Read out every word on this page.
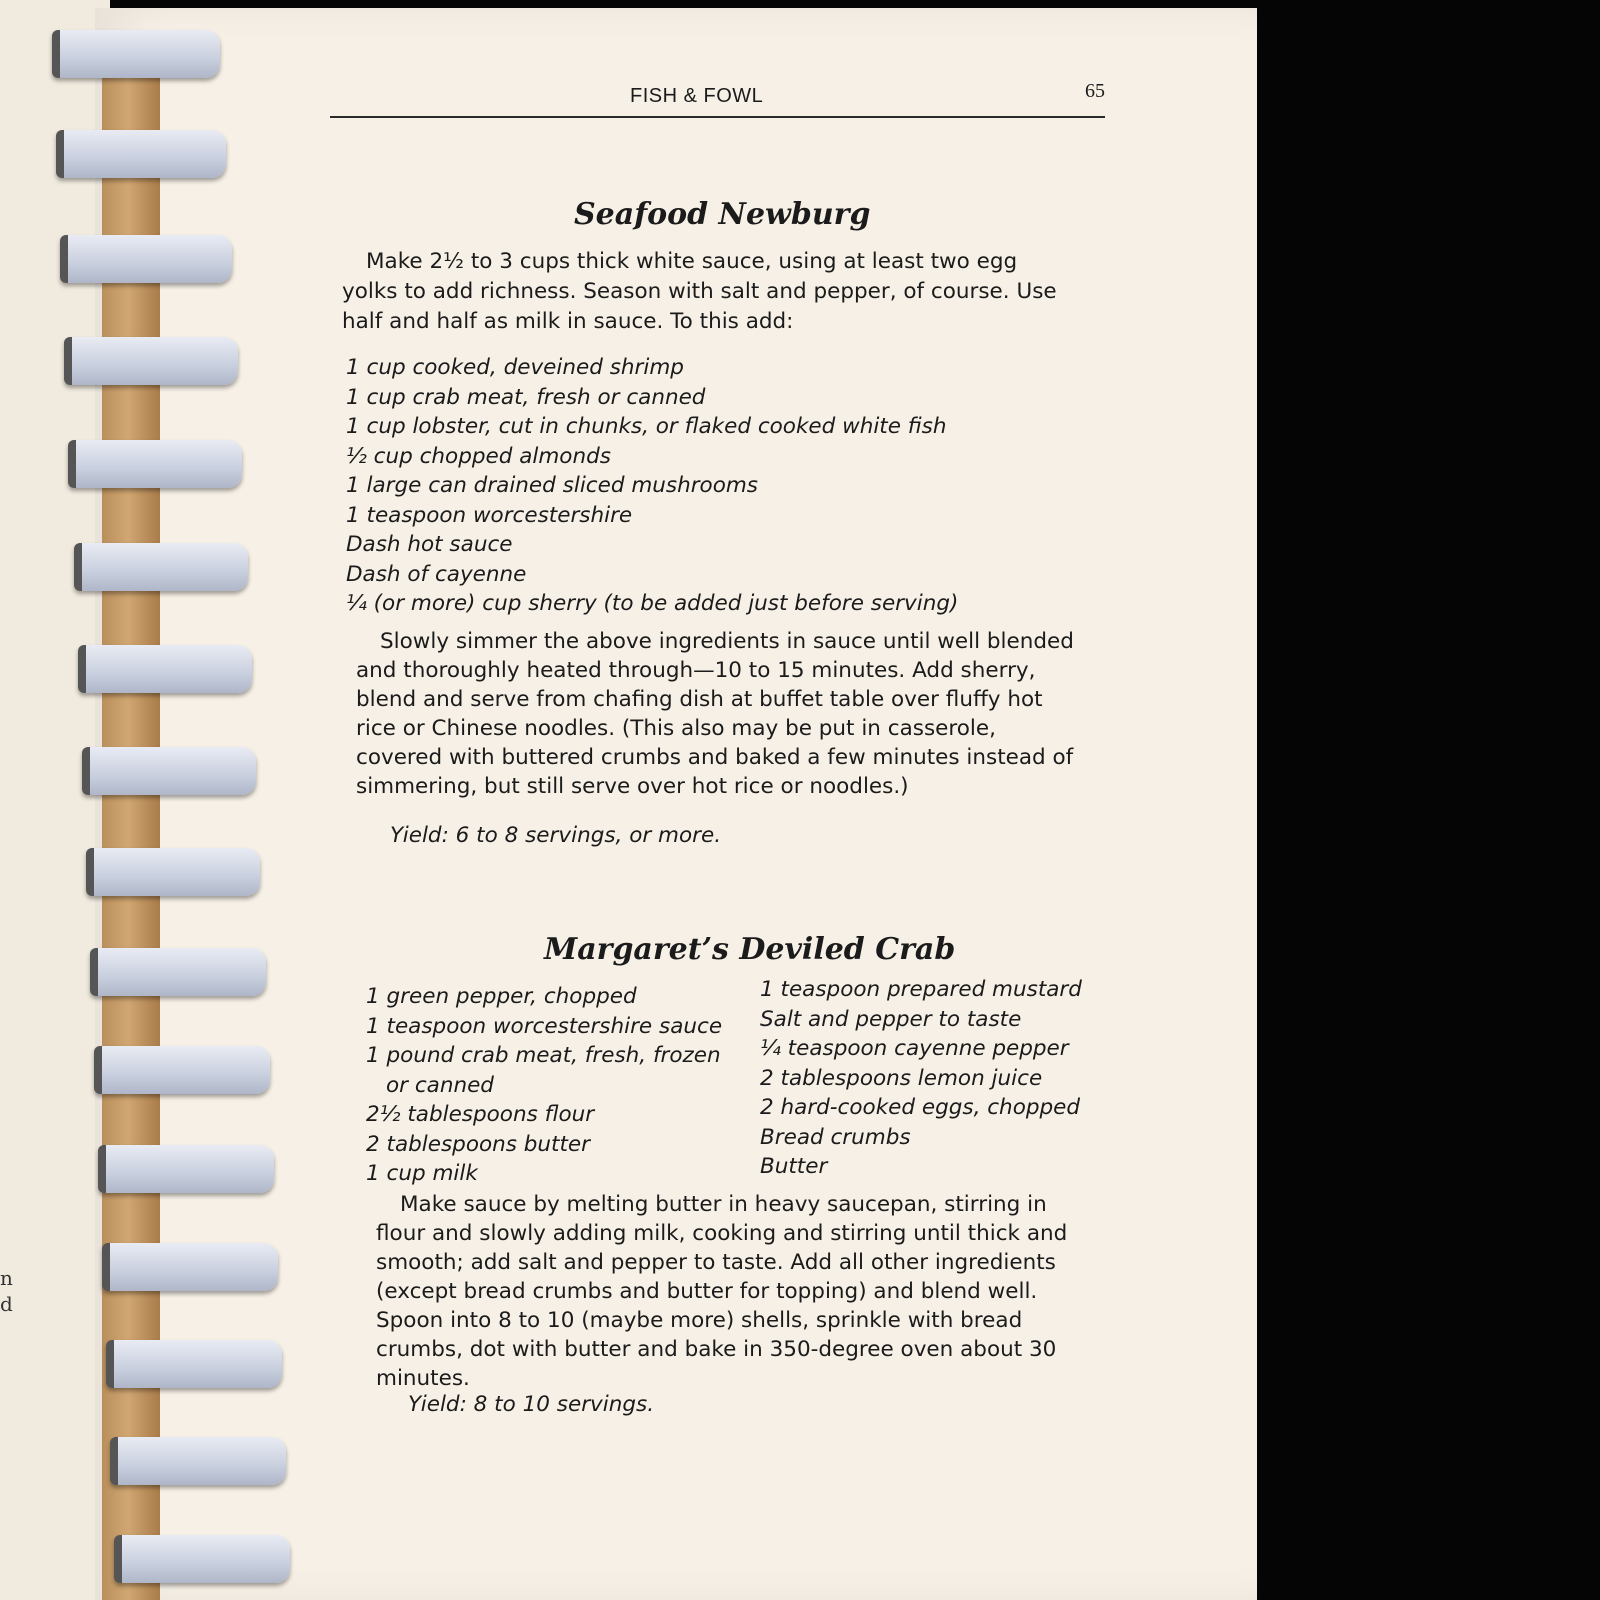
n
d
FISH & FOWL	65
Seafood Newburg
Make 2½ to 3 cups thick white sauce, using at least two egg yolks to add richness. Season with salt and pepper, of course. Use half and half as milk in sauce. To this add:
1 cup cooked, deveined shrimp
1 cup crab meat, fresh or canned
1 cup lobster, cut in chunks, or flaked cooked white fish
½ cup chopped almonds
1 large can drained sliced mushrooms
1 teaspoon worcestershire
Dash hot sauce
Dash of cayenne
¼ (or more) cup sherry (to be added just before serving)
Slowly simmer the above ingredients in sauce until well blended and thoroughly heated through—10 to 15 minutes. Add sherry, blend and serve from chafing dish at buffet table over fluffy hot rice or Chinese noodles. (This also may be put in casserole, covered with buttered crumbs and baked a few minutes instead of simmering, but still serve over hot rice or noodles.)
Yield: 6 to 8 servings, or more.
Margaret’s Deviled Crab
1 green pepper, chopped
1 teaspoon worcestershire sauce
1 pound crab meat, fresh, frozen
or canned
2½ tablespoons flour
2 tablespoons butter
1 cup milk
1 teaspoon prepared mustard
Salt and pepper to taste
¼ teaspoon cayenne pepper
2 tablespoons lemon juice
2 hard-cooked eggs, chopped
Bread crumbs
Butter
Make sauce by melting butter in heavy saucepan, stirring in flour and slowly adding milk, cooking and stirring until thick and smooth; add salt and pepper to taste. Add all other ingredients (except bread crumbs and butter for topping) and blend well. Spoon into 8 to 10 (maybe more) shells, sprinkle with bread crumbs, dot with butter and bake in 350-degree oven about 30 minutes.
Yield: 8 to 10 servings.
